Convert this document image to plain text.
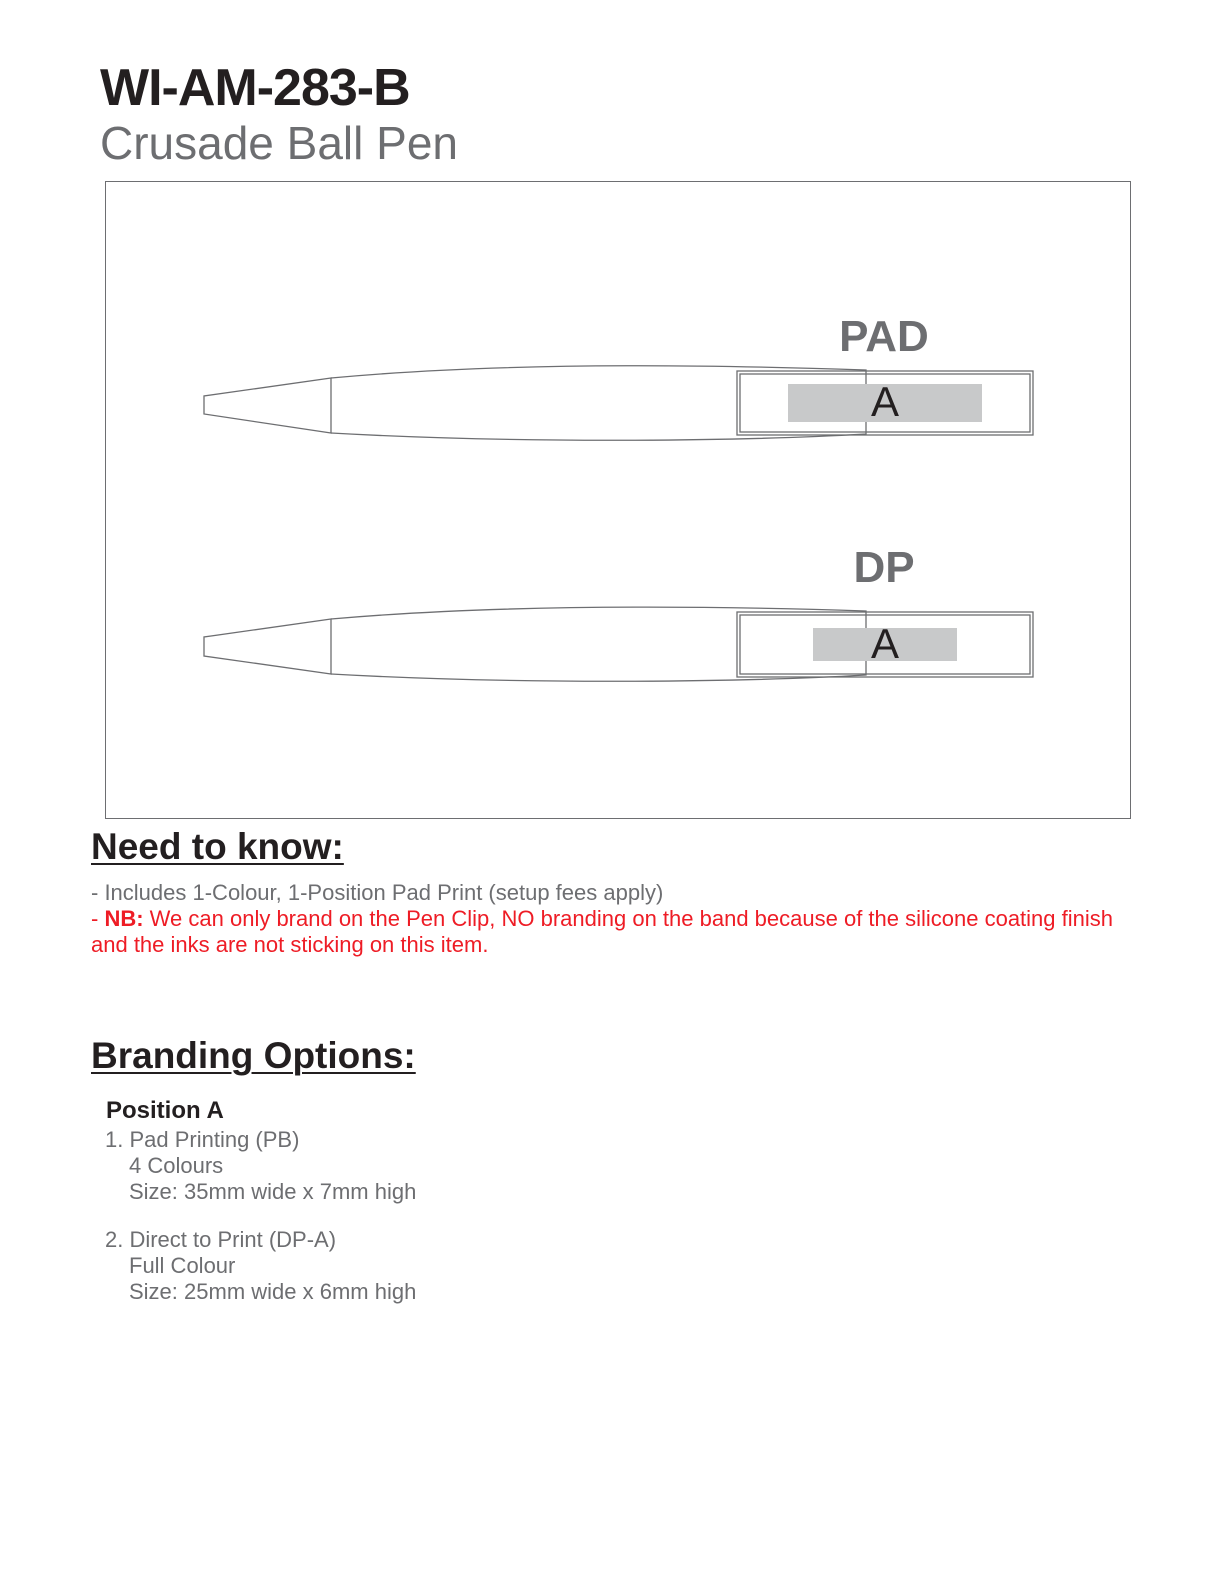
WI-AM-283-B
Crusade Ball Pen
PAD
A
DP
A
Need to know:
- Includes 1-Colour, 1-Position Pad Print (setup fees apply)
- NB: We can only brand on the Pen Clip, NO branding on the band because of the silicone coating finish and the inks are not sticking on this item.
Branding Options:
Position A
1. Pad Printing (PB)
4 Colours
Size: 35mm wide x 7mm high
2. Direct to Print (DP-A)
Full Colour
Size: 25mm wide x 6mm high
